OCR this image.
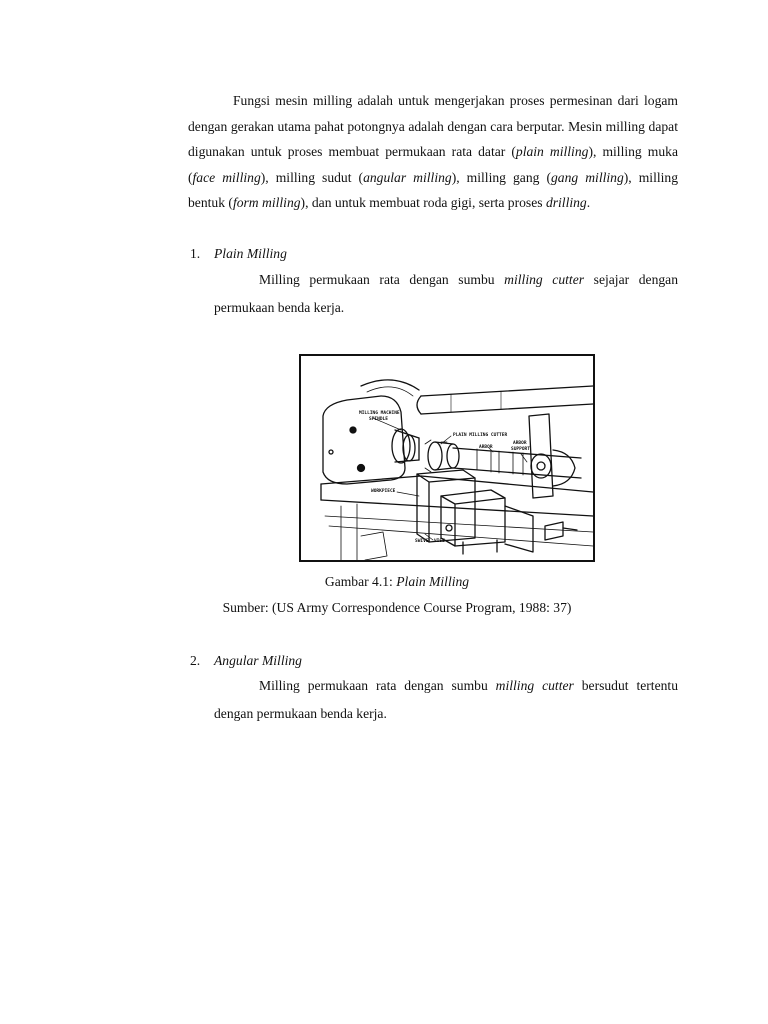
Fungsi mesin milling adalah untuk mengerjakan proses permesinan dari logam dengan gerakan utama pahat potongnya adalah dengan cara berputar. Mesin milling dapat digunakan untuk proses membuat permukaan rata datar (plain milling), milling muka (face milling), milling sudut (angular milling), milling gang (gang milling), milling bentuk (form milling), dan untuk membuat roda gigi, serta proses drilling.

1. Plain Milling

Milling permukaan rata dengan sumbu milling cutter sejajar dengan permukaan benda kerja.

MILLING MACHINE
SPINDLE
PLAIN MILLING CUTTER
ARBOR
ARBOR
SUPPORT
WORKPIECE
SWIVEL VISE

Gambar 4.1: Plain Milling

Sumber: (US Army Correspondence Course Program, 1988: 37)

2. Angular Milling

Milling permukaan rata dengan sumbu milling cutter bersudut tertentu dengan permukaan benda kerja.
